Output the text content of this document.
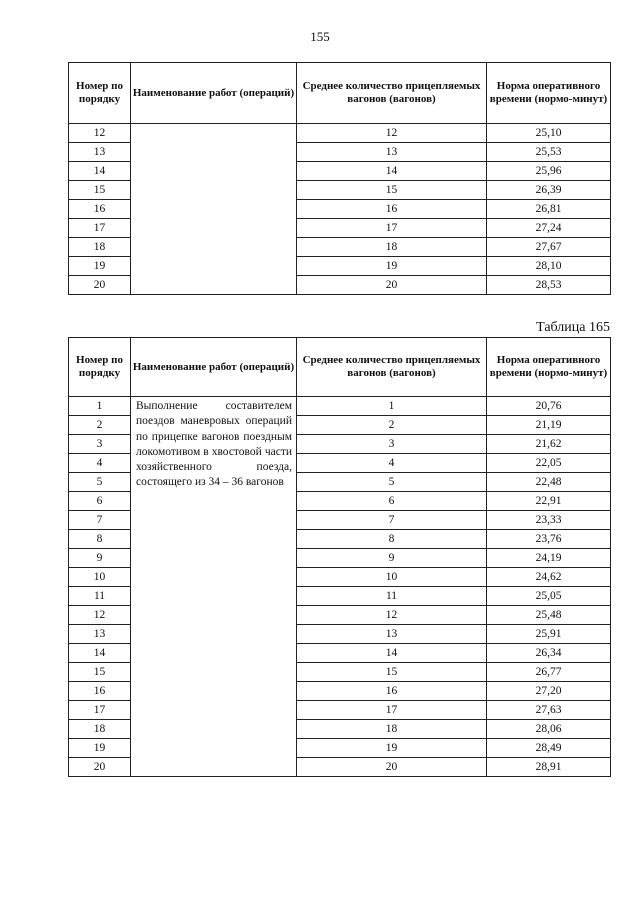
155
Номер по порядку	Наименование работ (операций)	Среднее количество прицепляемых вагонов (вагонов)	Норма оперативного времени (нормо-минут)
12		12	25,10
13		13	25,53
14		14	25,96
15		15	26,39
16		16	26,81
17		17	27,24
18		18	27,67
19		19	28,10
20		20	28,53
Таблица 165
Номер по порядку	Наименование работ (операций)	Среднее количество прицепляемых вагонов (вагонов)	Норма оперативного времени (нормо-минут)
1	Выполнение составителем поездов маневровых операций по прицепке вагонов поездным локомотивом в хвостовой части хозяйственного поезда, состоящего из 34 – 36 вагонов	1	20,76
2		2	21,19
3		3	21,62
4		4	22,05
5		5	22,48
6		6	22,91
7		7	23,33
8		8	23,76
9		9	24,19
10		10	24,62
11		11	25,05
12		12	25,48
13		13	25,91
14		14	26,34
15		15	26,77
16		16	27,20
17		17	27,63
18		18	28,06
19		19	28,49
20		20	28,91
